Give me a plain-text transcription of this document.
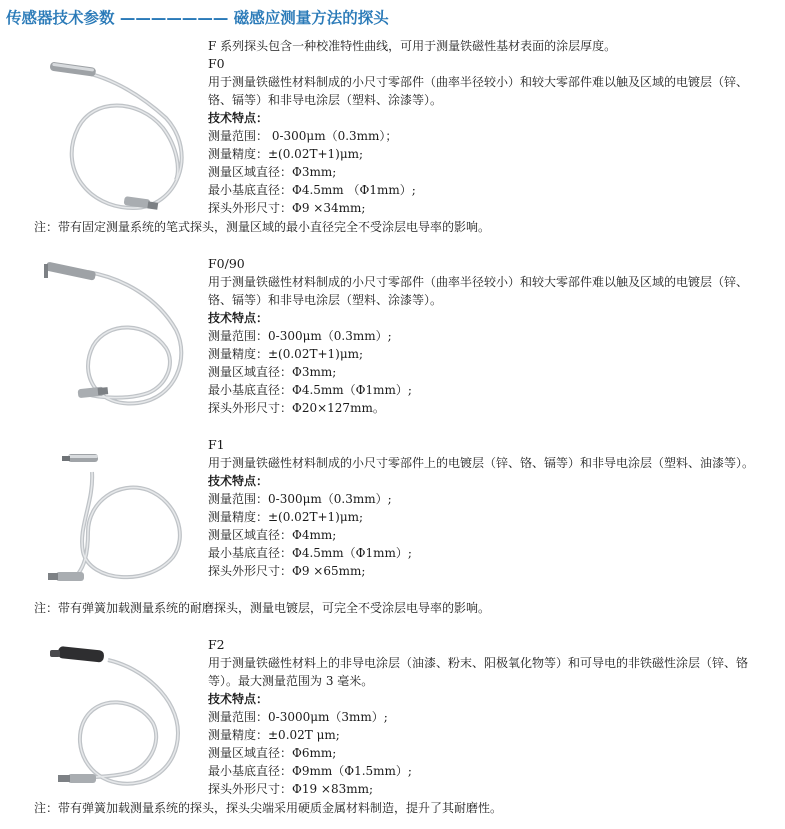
传感器技术参数 ——————— 磁感应测量方法的探头
F 系列探头包含一种校准特性曲线，可用于测量铁磁性基材表面的涂层厚度。
F0
用于测量铁磁性材料制成的小尺寸零部件（曲率半径较小）和较大零部件难以触及区域的电镀层（锌、铬、镉等）和非导电涂层（塑料、涂漆等）。
技术特点：
测量范围： 0-300μm（0.3mm）；
测量精度：±(0.02T+1)μm;
测量区域直径：Φ3mm;
最小基底直径：Φ4.5mm （Φ1mm）;
探头外形尺寸：Φ9 ×34mm;
注：带有固定测量系统的笔式探头，测量区域的最小直径完全不受涂层电导率的影响。
F0/90
用于测量铁磁性材料制成的小尺寸零部件（曲率半径较小）和较大零部件难以触及区域的电镀层（锌、铬、镉等）和非导电涂层（塑料、涂漆等）。
技术特点：
测量范围：0-300μm（0.3mm）;
测量精度：±(0.02T+1)μm;
测量区域直径：Φ3mm;
最小基底直径：Φ4.5mm（Φ1mm）;
探头外形尺寸：Φ20×127mm。
F1
用于测量铁磁性材料制成的小尺寸零部件上的电镀层（锌、铬、镉等）和非导电涂层（塑料、油漆等）。
技术特点：
测量范围：0-300μm（0.3mm）;
测量精度：±(0.02T+1)μm;
测量区域直径：Φ4mm;
最小基底直径：Φ4.5mm（Φ1mm）;
探头外形尺寸：Φ9 ×65mm;
注：带有弹簧加载测量系统的耐磨探头，测量电镀层，可完全不受涂层电导率的影响。
F2
用于测量铁磁性材料上的非导电涂层（油漆、粉末、阳极氧化物等）和可导电的非铁磁性涂层（锌、铬等）。最大测量范围为 3 毫米。
技术特点：
测量范围：0-3000μm（3mm）;
测量精度：±0.02T μm;
测量区域直径：Φ6mm;
最小基底直径：Φ9mm（Φ1.5mm）;
探头外形尺寸：Φ19 ×83mm;
注：带有弹簧加载测量系统的探头，探头尖端采用硬质金属材料制造，提升了其耐磨性。
